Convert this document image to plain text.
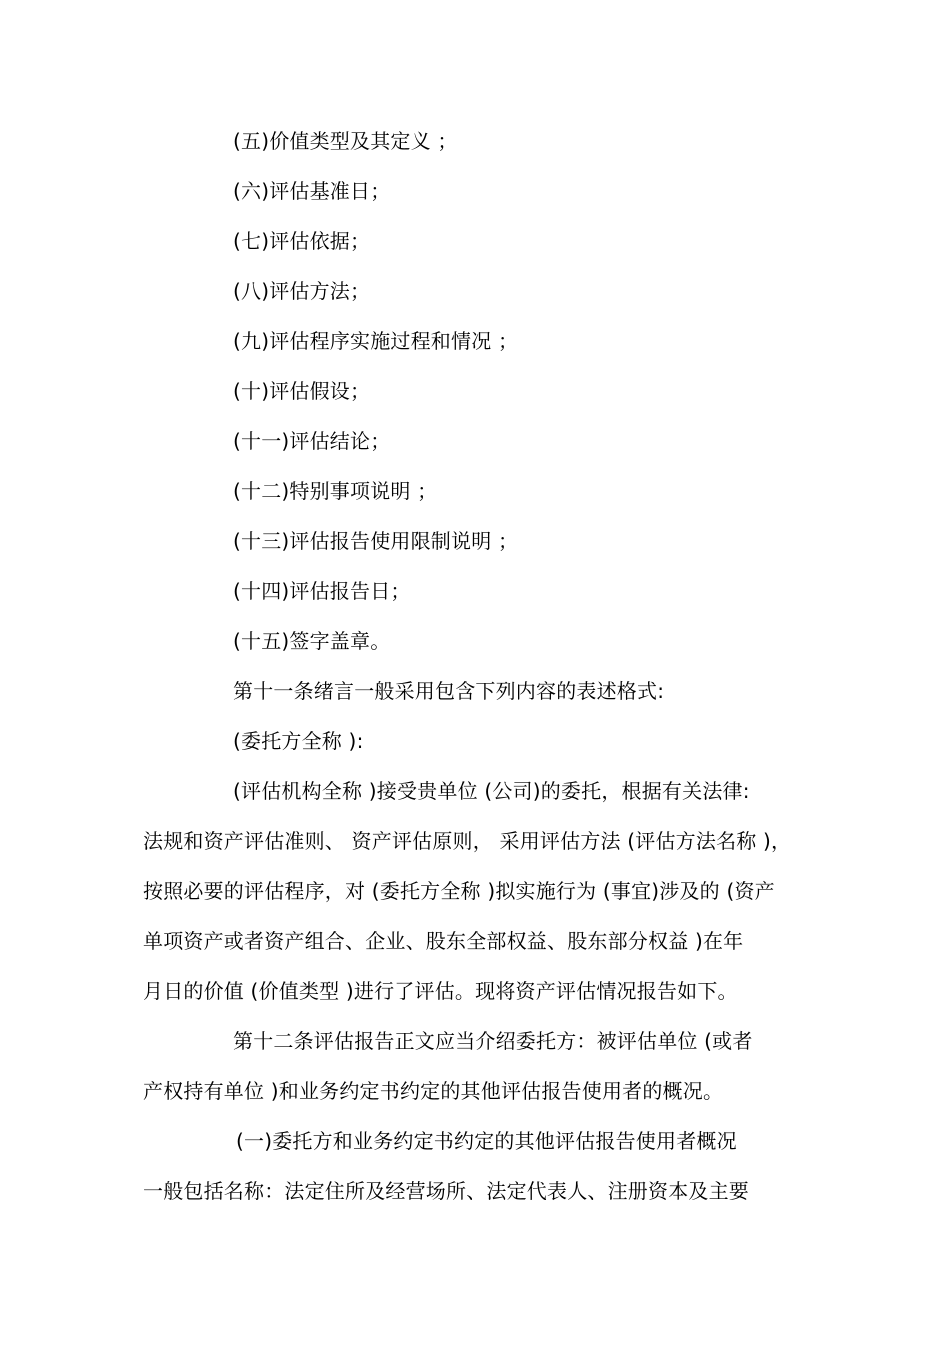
(五)价值类型及其定义 ；
(六)评估基准日；
(七)评估依据；
(八)评估方法；
(九)评估程序实施过程和情况 ；
(十)评估假设；
(十一)评估结论；
(十二)特别事项说明 ；
(十三)评估报告使用限制说明 ；
(十四)评估报告日；
(十五)签字盖章。
第十一条绪言一般采用包含下列内容的表述格式:
(委托方全称 ):
(评估机构全称 )接受贵单位 (公司)的委托，根据有关法律:
法规和资产评估准则、 资产评估原则， 采用评估方法 (评估方法名称 )，
按照必要的评估程序，对 (委托方全称 )拟实施行为 (事宜)涉及的 (资产
单项资产或者资产组合、企业、股东全部权益、股东部分权益 )在年
月日的价值 (价值类型 )进行了评估。现将资产评估情况报告如下。
第十二条评估报告正文应当介绍委托方：被评估单位 (或者
产权持有单位 )和业务约定书约定的其他评估报告使用者的概况。
(一)委托方和业务约定书约定的其他评估报告使用者概况
一般包括名称：法定住所及经营场所、法定代表人、注册资本及主要
